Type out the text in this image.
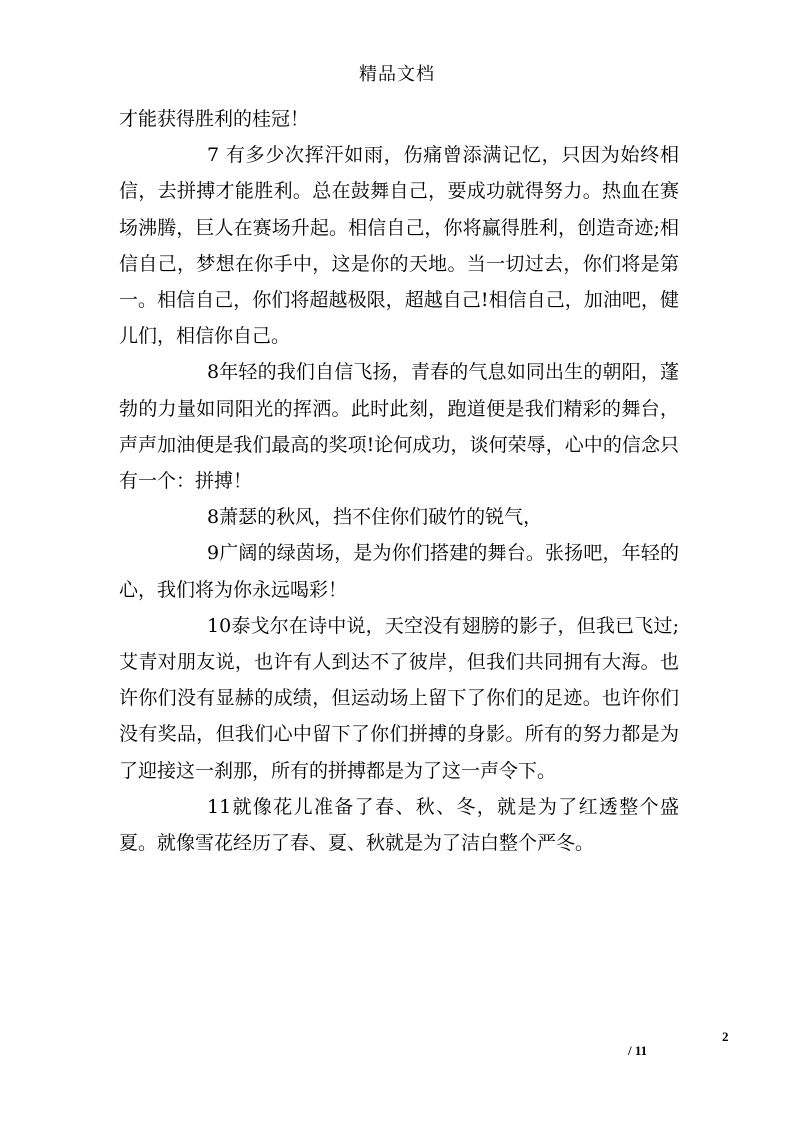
精品文档

才能获得胜利的桂冠！

7 有多少次挥汗如雨，伤痛曾添满记忆，只因为始终相信，去拼搏才能胜利。总在鼓舞自己，要成功就得努力。热血在赛场沸腾，巨人在赛场升起。相信自己，你将赢得胜利，创造奇迹;相信自己，梦想在你手中，这是你的天地。当一切过去，你们将是第一。相信自己，你们将超越极限，超越自己!相信自己，加油吧，健儿们，相信你自己。

8年轻的我们自信飞扬，青春的气息如同出生的朝阳，蓬勃的力量如同阳光的挥洒。此时此刻，跑道便是我们精彩的舞台，声声加油便是我们最高的奖项!论何成功，谈何荣辱，心中的信念只有一个：拼搏！

8萧瑟的秋风，挡不住你们破竹的锐气，

9广阔的绿茵场，是为你们搭建的舞台。张扬吧，年轻的心，我们将为你永远喝彩！

10泰戈尔在诗中说，天空没有翅膀的影子，但我已飞过;艾青对朋友说，也许有人到达不了彼岸，但我们共同拥有大海。也许你们没有显赫的成绩，但运动场上留下了你们的足迹。也许你们没有奖品，但我们心中留下了你们拼搏的身影。所有的努力都是为了迎接这一刹那，所有的拼搏都是为了这一声令下。

11就像花儿准备了春、秋、冬，就是为了红透整个盛夏。就像雪花经历了春、夏、秋就是为了洁白整个严冬。

2
/ 11
